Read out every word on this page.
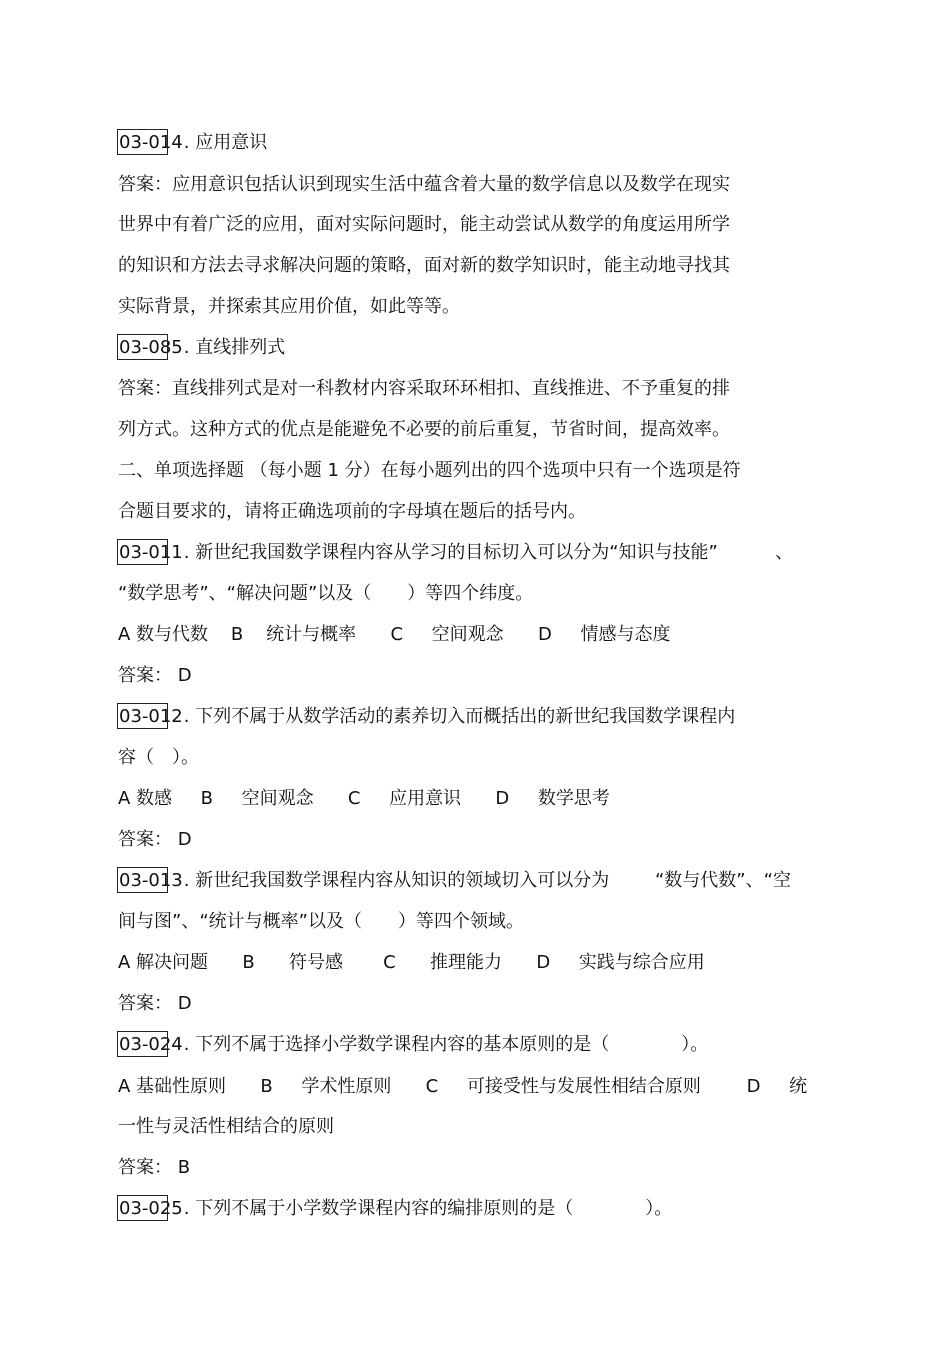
03-014. 应用意识
答案：应用意识包括认识到现实生活中蕴含着大量的数学信息以及数学在现实
世界中有着广泛的应用，面对实际问题时，能主动尝试从数学的角度运用所学
的知识和方法去寻求解决问题的策略，面对新的数学知识时，能主动地寻找其
实际背景，并探索其应用价值，如此等等。
03-085. 直线排列式
答案：直线排列式是对一科教材内容采取环环相扣、直线推进、不予重复的排
列方式。这种方式的优点是能避免不必要的前后重复，节省时间，提高效率。
二、单项选择题 （每小题 1 分）在每小题列出的四个选项中只有一个选项是符
合题目要求的，请将正确选项前的字母填在题后的括号内。
03-011. 新世纪我国数学课程内容从学习的目标切入可以分为“知识与技能”          、
“数学思考”、“解决问题”以及（　　）等四个纬度。
A 数与代数    B    统计与概率      C     空间观念      D     情感与态度
答案： D
03-012. 下列不属于从数学活动的素养切入而概括出的新世纪我国数学课程内
容（　）。
A 数感     B     空间观念      C     应用意识      D     数学思考
答案： D
03-013. 新世纪我国数学课程内容从知识的领域切入可以分为        “数与代数”、“空
间与图”、“统计与概率”以及（　　）等四个领域。
A 解决问题      B      符号感       C      推理能力      D     实践与综合应用
答案： D
03-024. 下列不属于选择小学数学课程内容的基本原则的是（　　　　）。
A 基础性原则      B     学术性原则      C     可接受性与发展性相结合原则        D     统
一性与灵活性相结合的原则
答案： B
03-025. 下列不属于小学数学课程内容的编排原则的是（　　　　）。
